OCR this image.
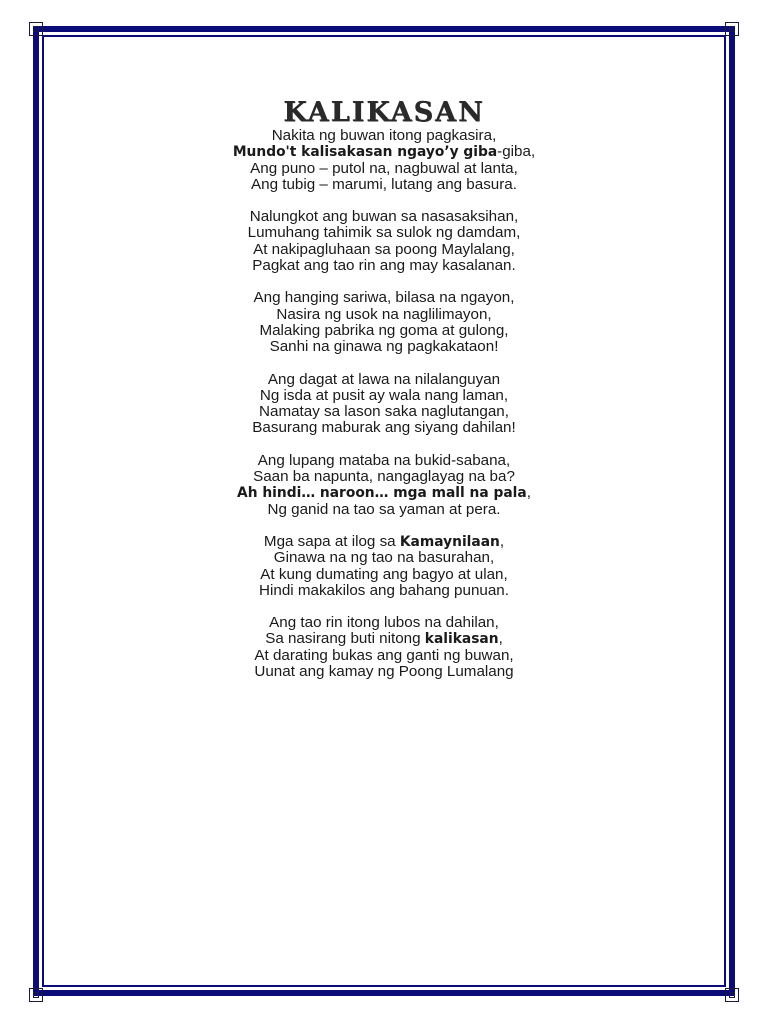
KALIKASAN
Nakita ng buwan itong pagkasira,
Mundo't kalisakasan ngayo’y giba-giba,
Ang puno – putol na, nagbuwal at lanta,
Ang tubig – marumi, lutang ang basura.
Nalungkot ang buwan sa nasasaksihan,
Lumuhang tahimik sa sulok ng damdam,
At nakipagluhaan sa poong Maylalang,
Pagkat ang tao rin ang may kasalanan.
Ang hanging sariwa, bilasa na ngayon,
Nasira ng usok na naglilimayon,
Malaking pabrika ng goma at gulong,
Sanhi na ginawa ng pagkakataon!
Ang dagat at lawa na nilalanguyan
Ng isda at pusit ay wala nang laman,
Namatay sa lason saka naglutangan,
Basurang maburak ang siyang dahilan!
Ang lupang mataba na bukid-sabana,
Saan ba napunta, nangaglayag na ba?
Ah hindi… naroon… mga mall na pala,
Ng ganid na tao sa yaman at pera.
Mga sapa at ilog sa Kamaynilaan,
Ginawa na ng tao na basurahan,
At kung dumating ang bagyo at ulan,
Hindi makakilos ang bahang punuan.
Ang tao rin itong lubos na dahilan,
Sa nasirang buti nitong kalikasan,
At darating bukas ang ganti ng buwan,
Uunat ang kamay ng Poong Lumalang
